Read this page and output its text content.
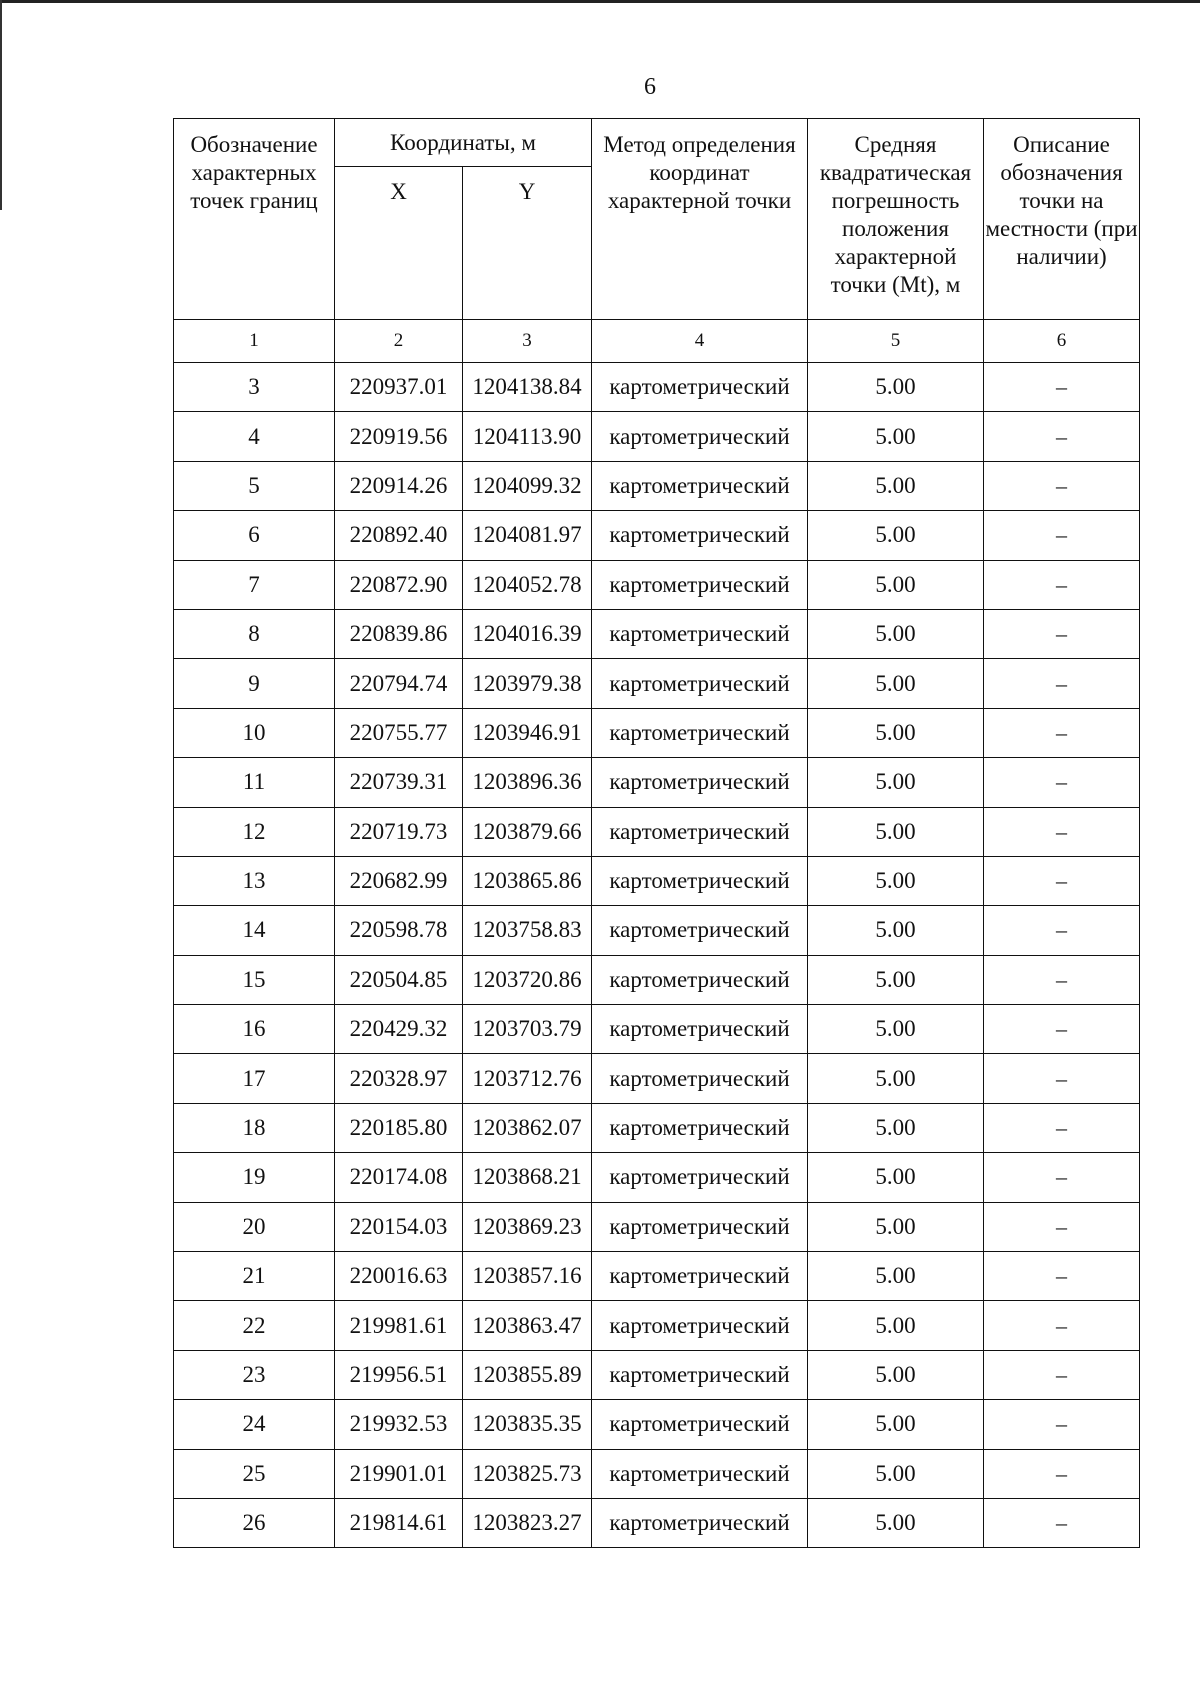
6
Обозначение характерных точек границ	Координаты, м		Метод определения координат характерной точки	Средняя квадратическая погрешность положения характерной точки (Mt), м	Описание обозначения точки на местности (при наличии)
	X	Y			
1	2	3	4	5	6
3	220937.01	1204138.84	картометрический	5.00	–
4	220919.56	1204113.90	картометрический	5.00	–
5	220914.26	1204099.32	картометрический	5.00	–
6	220892.40	1204081.97	картометрический	5.00	–
7	220872.90	1204052.78	картометрический	5.00	–
8	220839.86	1204016.39	картометрический	5.00	–
9	220794.74	1203979.38	картометрический	5.00	–
10	220755.77	1203946.91	картометрический	5.00	–
11	220739.31	1203896.36	картометрический	5.00	–
12	220719.73	1203879.66	картометрический	5.00	–
13	220682.99	1203865.86	картометрический	5.00	–
14	220598.78	1203758.83	картометрический	5.00	–
15	220504.85	1203720.86	картометрический	5.00	–
16	220429.32	1203703.79	картометрический	5.00	–
17	220328.97	1203712.76	картометрический	5.00	–
18	220185.80	1203862.07	картометрический	5.00	–
19	220174.08	1203868.21	картометрический	5.00	–
20	220154.03	1203869.23	картометрический	5.00	–
21	220016.63	1203857.16	картометрический	5.00	–
22	219981.61	1203863.47	картометрический	5.00	–
23	219956.51	1203855.89	картометрический	5.00	–
24	219932.53	1203835.35	картометрический	5.00	–
25	219901.01	1203825.73	картометрический	5.00	–
26	219814.61	1203823.27	картометрический	5.00	–
